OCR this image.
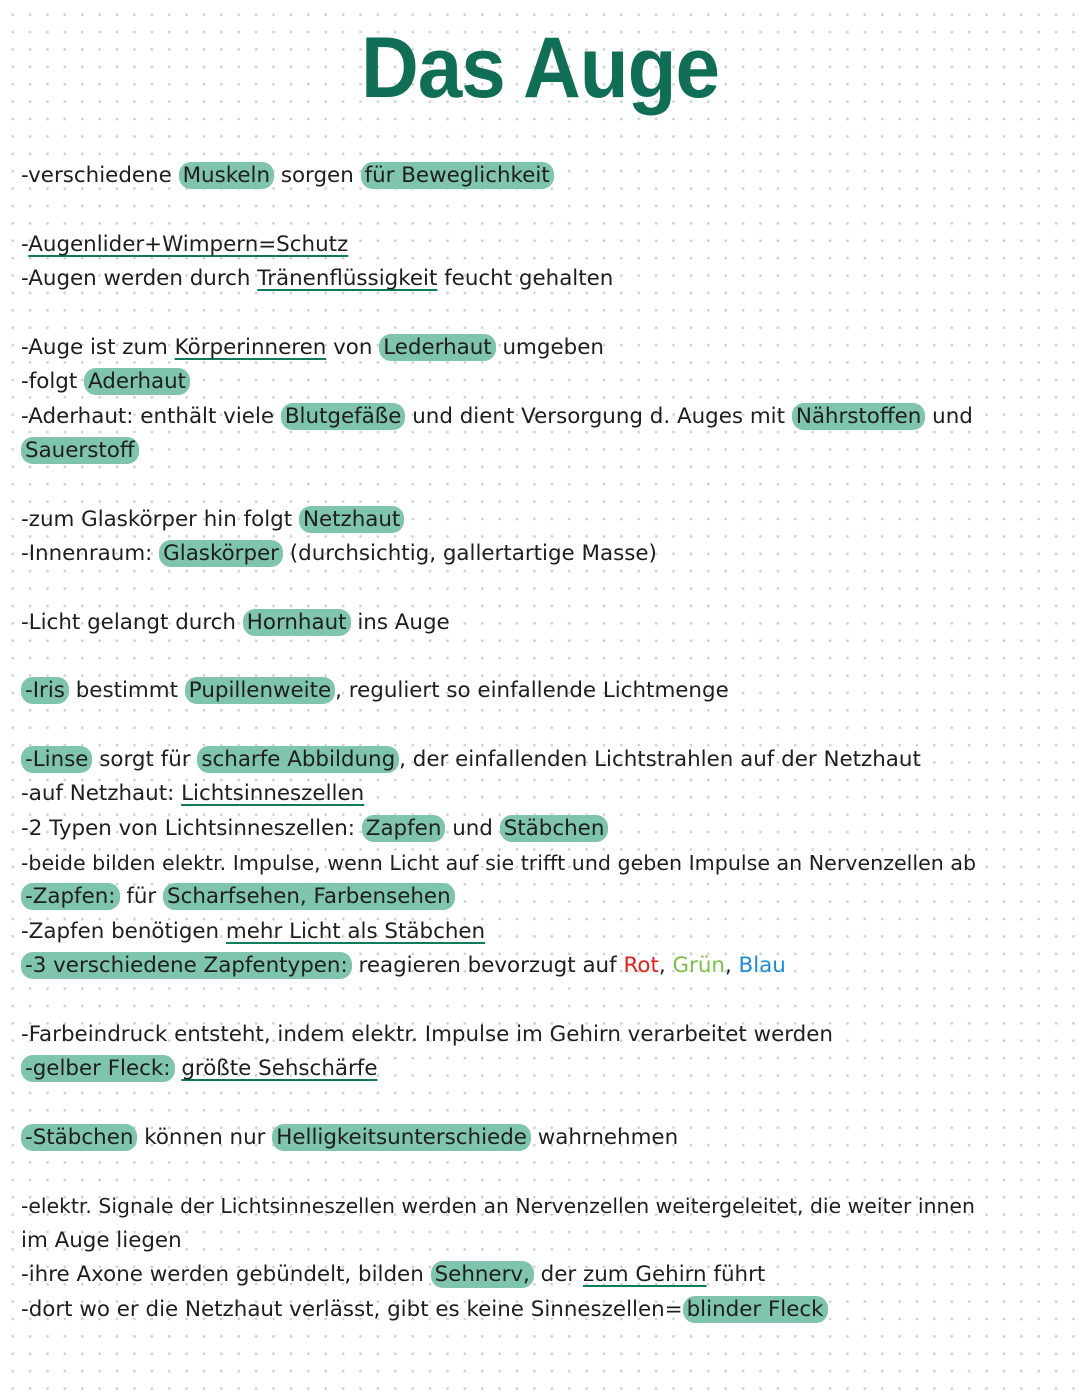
Das Auge
-verschiedene Muskeln sorgen für Beweglichkeit
-Augenlider+Wimpern=Schutz
-Augen werden durch Tränenflüssigkeit feucht gehalten
-Auge ist zum Körperinneren von Lederhaut umgeben
-folgt Aderhaut
-Aderhaut: enthält viele Blutgefäße und dient Versorgung d. Auges mit Nährstoffen und
Sauerstoff
-zum Glaskörper hin folgt Netzhaut
-Innenraum: Glaskörper (durchsichtig, gallertartige Masse)
-Licht gelangt durch Hornhaut ins Auge
-Iris bestimmt Pupillenweite , reguliert so einfallende Lichtmenge
-Linse sorgt für scharfe Abbildung , der einfallenden Lichtstrahlen auf der Netzhaut
-auf Netzhaut: Lichtsinneszellen
-2 Typen von Lichtsinneszellen: Zapfen und Stäbchen
-beide bilden elektr. Impulse, wenn Licht auf sie trifft und geben Impulse an Nervenzellen ab
-Zapfen: für Scharfsehen, Farbensehen
-Zapfen benötigen mehr Licht als Stäbchen
-3 verschiedene Zapfentypen: reagieren bevorzugt auf Rot, Grün, Blau
-Farbeindruck entsteht, indem elektr. Impulse im Gehirn verarbeitet werden
-gelber Fleck: größte Sehschärfe
-Stäbchen können nur Helligkeitsunterschiede wahrnehmen
-elektr. Signale der Lichtsinneszellen werden an Nervenzellen weitergeleitet, die weiter innen
im Auge liegen
-ihre Axone werden gebündelt, bilden Sehnerv, der zum Gehirn führt
-dort wo er die Netzhaut verlässt, gibt es keine Sinneszellen= blinder Fleck
